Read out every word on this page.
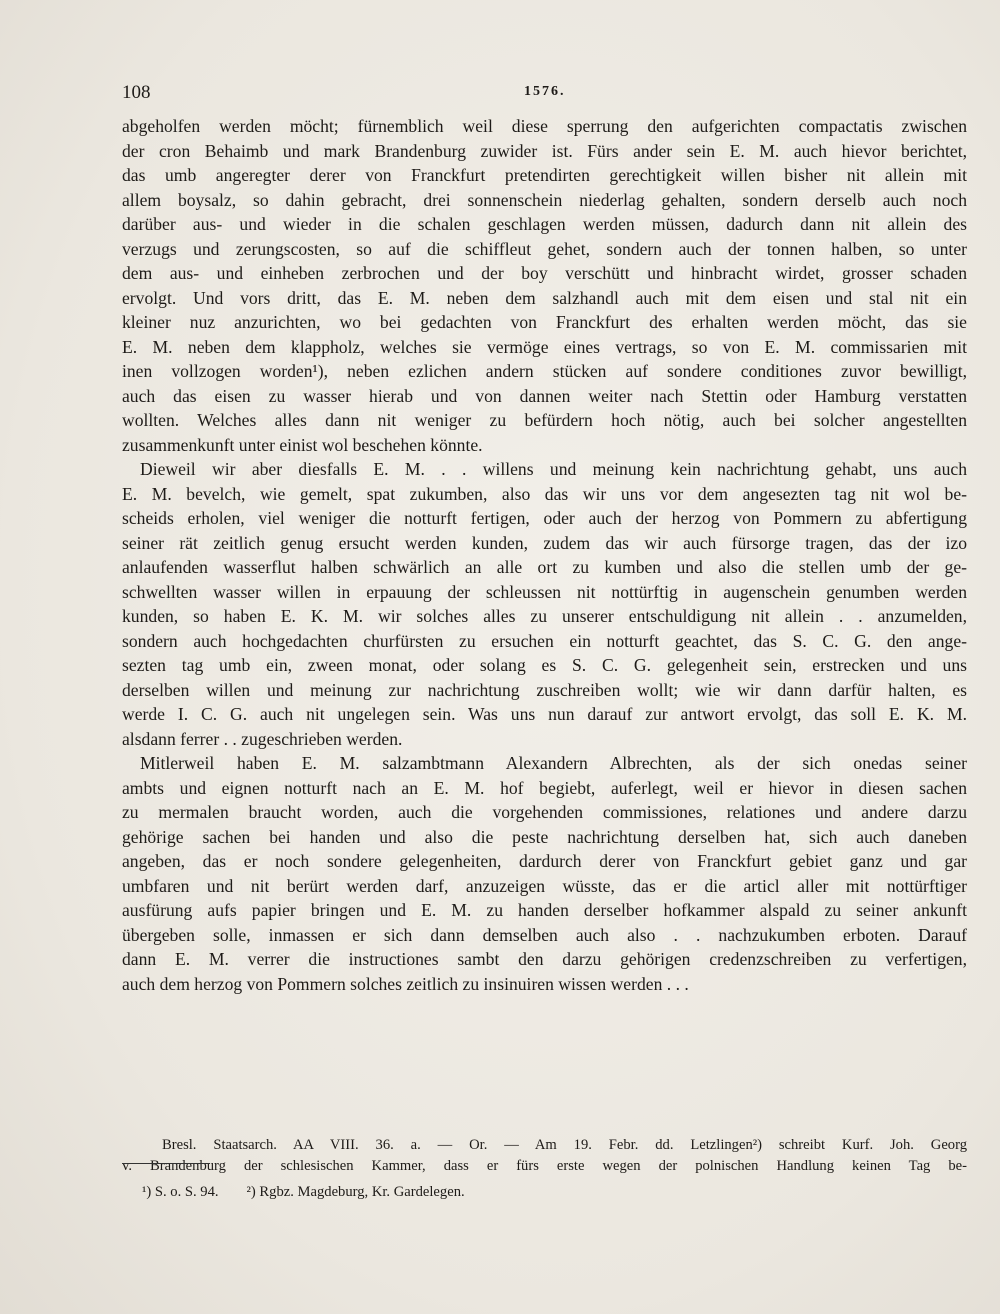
108	1576.
abgeholfen werden möcht; fürnemblich weil diese sperrung den aufgerichten compactatis zwischen
der cron Behaimb und mark Brandenburg zuwider ist. Fürs ander sein E. M. auch hievor berichtet,
das umb angeregter derer von Franckfurt pretendirten gerechtigkeit willen bisher nit allein mit
allem boysalz, so dahin gebracht, drei sonnenschein niederlag gehalten, sondern derselb auch noch
darüber aus- und wieder in die schalen geschlagen werden müssen, dadurch dann nit allein des
verzugs und zerungscosten, so auf die schiffleut gehet, sondern auch der tonnen halben, so unter
dem aus- und einheben zerbrochen und der boy verschütt und hinbracht wirdet, grosser schaden
ervolgt. Und vors dritt, das E. M. neben dem salzhandl auch mit dem eisen und stal nit ein
kleiner nuz anzurichten, wo bei gedachten von Franckfurt des erhalten werden möcht, das sie
E. M. neben dem klappholz, welches sie vermöge eines vertrags, so von E. M. commissarien mit
inen vollzogen worden¹), neben ezlichen andern stücken auf sondere conditiones zuvor bewilligt,
auch das eisen zu wasser hierab und von dannen weiter nach Stettin oder Hamburg verstatten
wollten. Welches alles dann nit weniger zu befürdern hoch nötig, auch bei solcher angestellten
zusammenkunft unter einist wol beschehen könnte.
Dieweil wir aber diesfalls E. M. . . willens und meinung kein nachrichtung gehabt, uns auch
E. M. bevelch, wie gemelt, spat zukumben, also das wir uns vor dem angesezten tag nit wol be-
scheids erholen, viel weniger die notturft fertigen, oder auch der herzog von Pommern zu abfertigung
seiner rät zeitlich genug ersucht werden kunden, zudem das wir auch fürsorge tragen, das der izo
anlaufenden wasserflut halben schwärlich an alle ort zu kumben und also die stellen umb der ge-
schwellten wasser willen in erpauung der schleussen nit nottürftig in augenschein genumben werden
kunden, so haben E. K. M. wir solches alles zu unserer entschuldigung nit allein . . anzumelden,
sondern auch hochgedachten churfürsten zu ersuchen ein notturft geachtet, das S. C. G. den ange-
sezten tag umb ein, zween monat, oder solang es S. C. G. gelegenheit sein, erstrecken und uns
derselben willen und meinung zur nachrichtung zuschreiben wollt; wie wir dann darfür halten, es
werde I. C. G. auch nit ungelegen sein. Was uns nun darauf zur antwort ervolgt, das soll E. K. M.
alsdann ferrer . . zugeschrieben werden.
Mitlerweil haben E. M. salzambtmann Alexandern Albrechten, als der sich onedas seiner
ambts und eignen notturft nach an E. M. hof begiebt, auferlegt, weil er hievor in diesen sachen
zu mermalen braucht worden, auch die vorgehenden commissiones, relationes und andere darzu
gehörige sachen bei handen und also die peste nachrichtung derselben hat, sich auch daneben
angeben, das er noch sondere gelegenheiten, dardurch derer von Franckfurt gebiet ganz und gar
umbfaren und nit berürt werden darf, anzuzeigen wüsste, das er die articl aller mit nottürftiger
ausfürung aufs papier bringen und E. M. zu handen derselber hofkammer alspald zu seiner ankunft
übergeben solle, inmassen er sich dann demselben auch also . . nachzukumben erboten. Darauf
dann E. M. verrer die instructiones sambt den darzu gehörigen credenzschreiben zu verfertigen,
auch dem herzog von Pommern solches zeitlich zu insinuiren wissen werden . . .
Bresl. Staatsarch. AA VIII. 36. a. — Or. — Am 19. Febr. dd. Letzlingen²) schreibt Kurf. Joh. Georg
v. Brandenburg der schlesischen Kammer, dass er fürs erste wegen der polnischen Handlung keinen Tag be-
¹) S. o. S. 94. ²) Rgbz. Magdeburg, Kr. Gardelegen.
